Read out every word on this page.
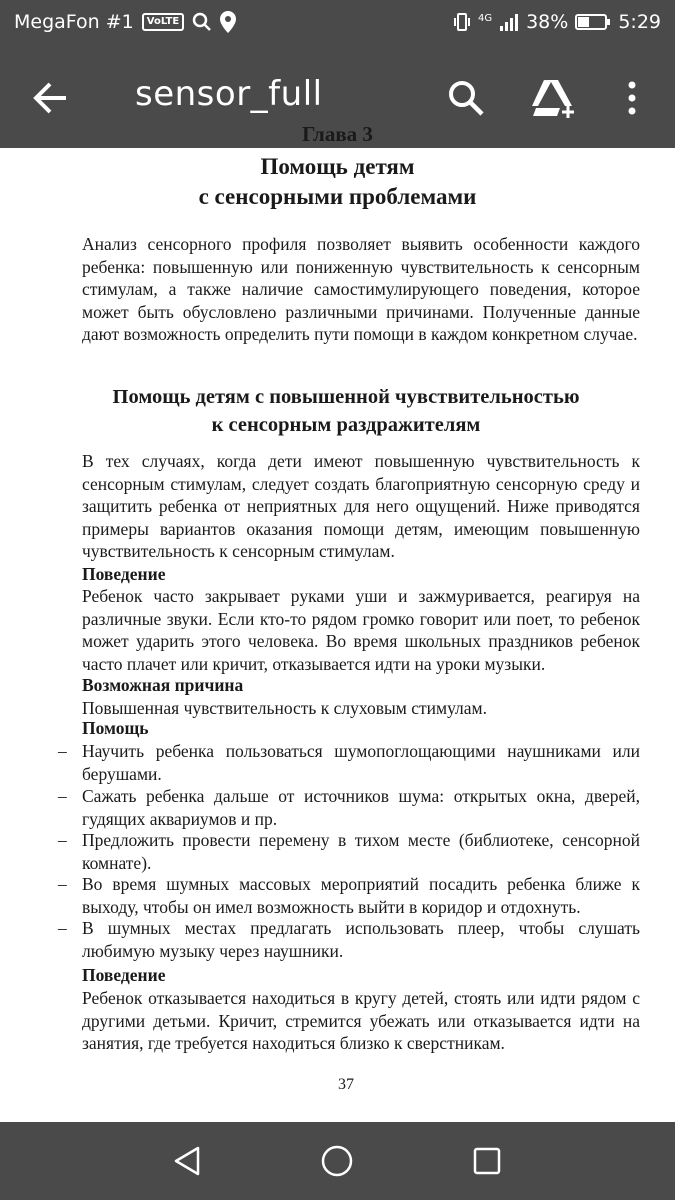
MegaFon #1	VoLTE	4G 38%	5:29
sensor_full
Глава 3
Помощь детям
с сенсорными проблемами
Анализ сенсорного профиля позволяет выявить особенности каждого ребенка: повышенную или пониженную чувствительность к сенсорным стимулам, а также наличие самостимулирующего поведения, которое может быть обусловлено различными причинами. Полученные данные дают возможность определить пути помощи в каждом конкретном случае.
Помощь детям с повышенной чувствительностью
к сенсорным раздражителям
В тех случаях, когда дети имеют повышенную чувствительность к сенсорным стимулам, следует создать благоприятную сенсорную среду и защитить ребенка от неприятных для него ощущений. Ниже приводятся примеры вариантов оказания помощи детям, имеющим повышенную чувствительность к сенсорным стимулам.
Поведение
Ребенок часто закрывает руками уши и зажмуривается, реагируя на различные звуки. Если кто-то рядом громко говорит или поет, то ребенок может ударить этого человека. Во время школьных праздников ребенок часто плачет или кричит, отказывается идти на уроки музыки.
Возможная причина
Повышенная чувствительность к слуховым стимулам.
Помощь
– Научить ребенка пользоваться шумопоглощающими наушниками или берушами.
– Сажать ребенка дальше от источников шума: открытых окна, дверей, гудящих аквариумов и пр.
– Предложить провести перемену в тихом месте (библиотеке, сенсорной комнате).
– Во время шумных массовых мероприятий посадить ребенка ближе к выходу, чтобы он имел возможность выйти в коридор и отдохнуть.
– В шумных местах предлагать использовать плеер, чтобы слушать любимую музыку через наушники.
Поведение
Ребенок отказывается находиться в кругу детей, стоять или идти рядом с другими детьми. Кричит, стремится убежать или отказывается идти на занятия, где требуется находиться близко к сверстникам.
37
